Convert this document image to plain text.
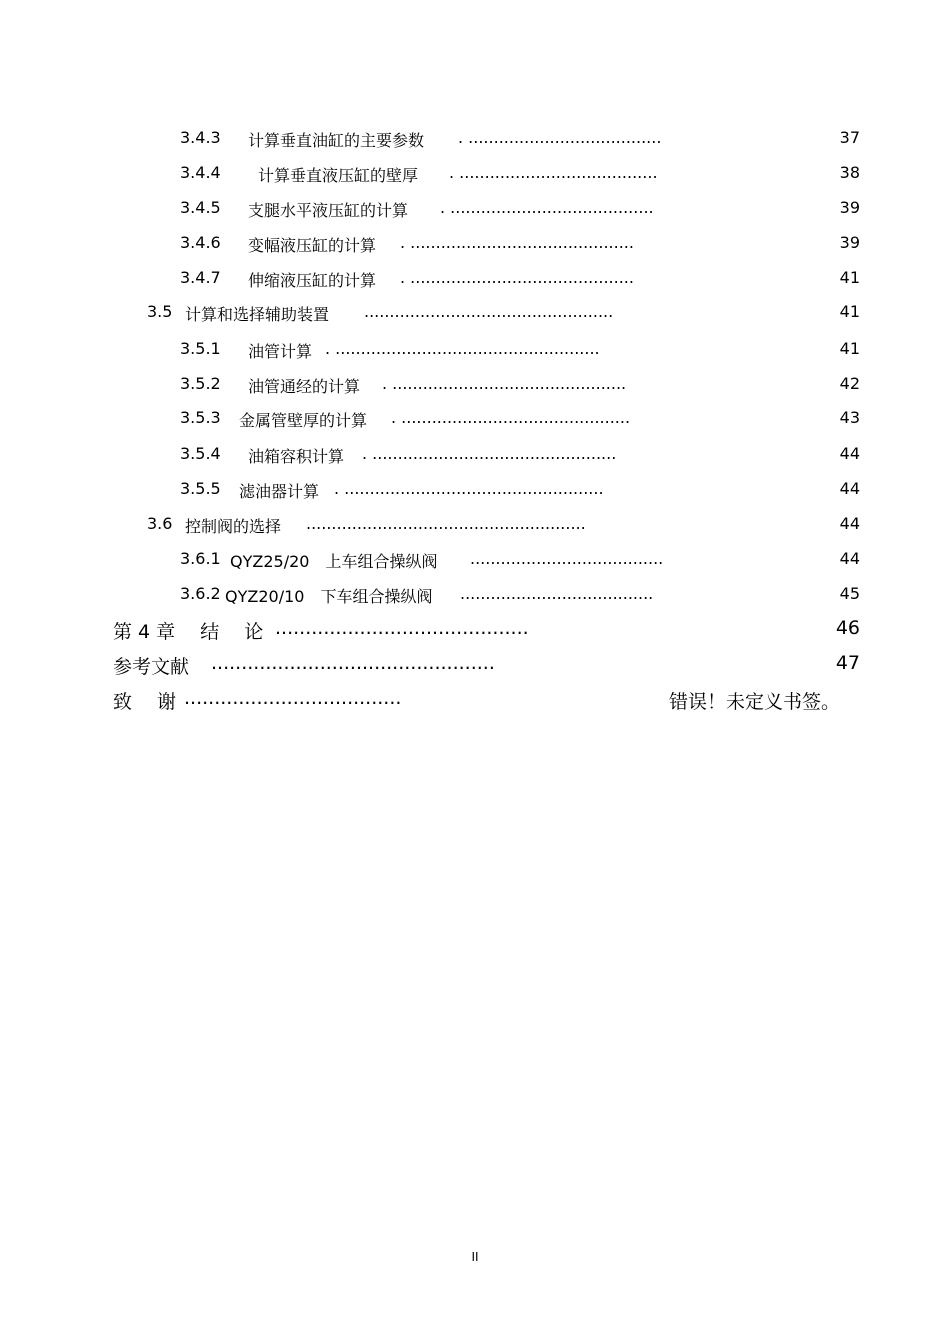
3.4.3 计算垂直油缸的主要参数 . ......................................	37
3.4.4 计算垂直液压缸的壁厚 . .......................................	38
3.4.5 支腿水平液压缸的计算 . ........................................	39
3.4.6 变幅液压缸的计算 . ............................................	39
3.4.7 伸缩液压缸的计算 . ............................................	41
3.5 计算和选择辅助装置 .................................................	41
3.5.1 油管计算 . ....................................................	41
3.5.2 油管通经的计算 . ..............................................	42
3.5.3 金属管壁厚的计算 . .............................................	43
3.5.4 油箱容积计算 . ................................................	44
3.5.5 滤油器计算 . ...................................................	44
3.6 控制阀的选择 .......................................................	44
3.6.1 QYZ25/20　上车组合操纵阀 ......................................	44
3.6.2 QYZ20/10　下车组合操纵阀 ......................................	45
第 4 章　 结　 论 ..........................................	46
参考文献 ...............................................	47
致　 谢 ....................................	错误！未定义书签。
II
